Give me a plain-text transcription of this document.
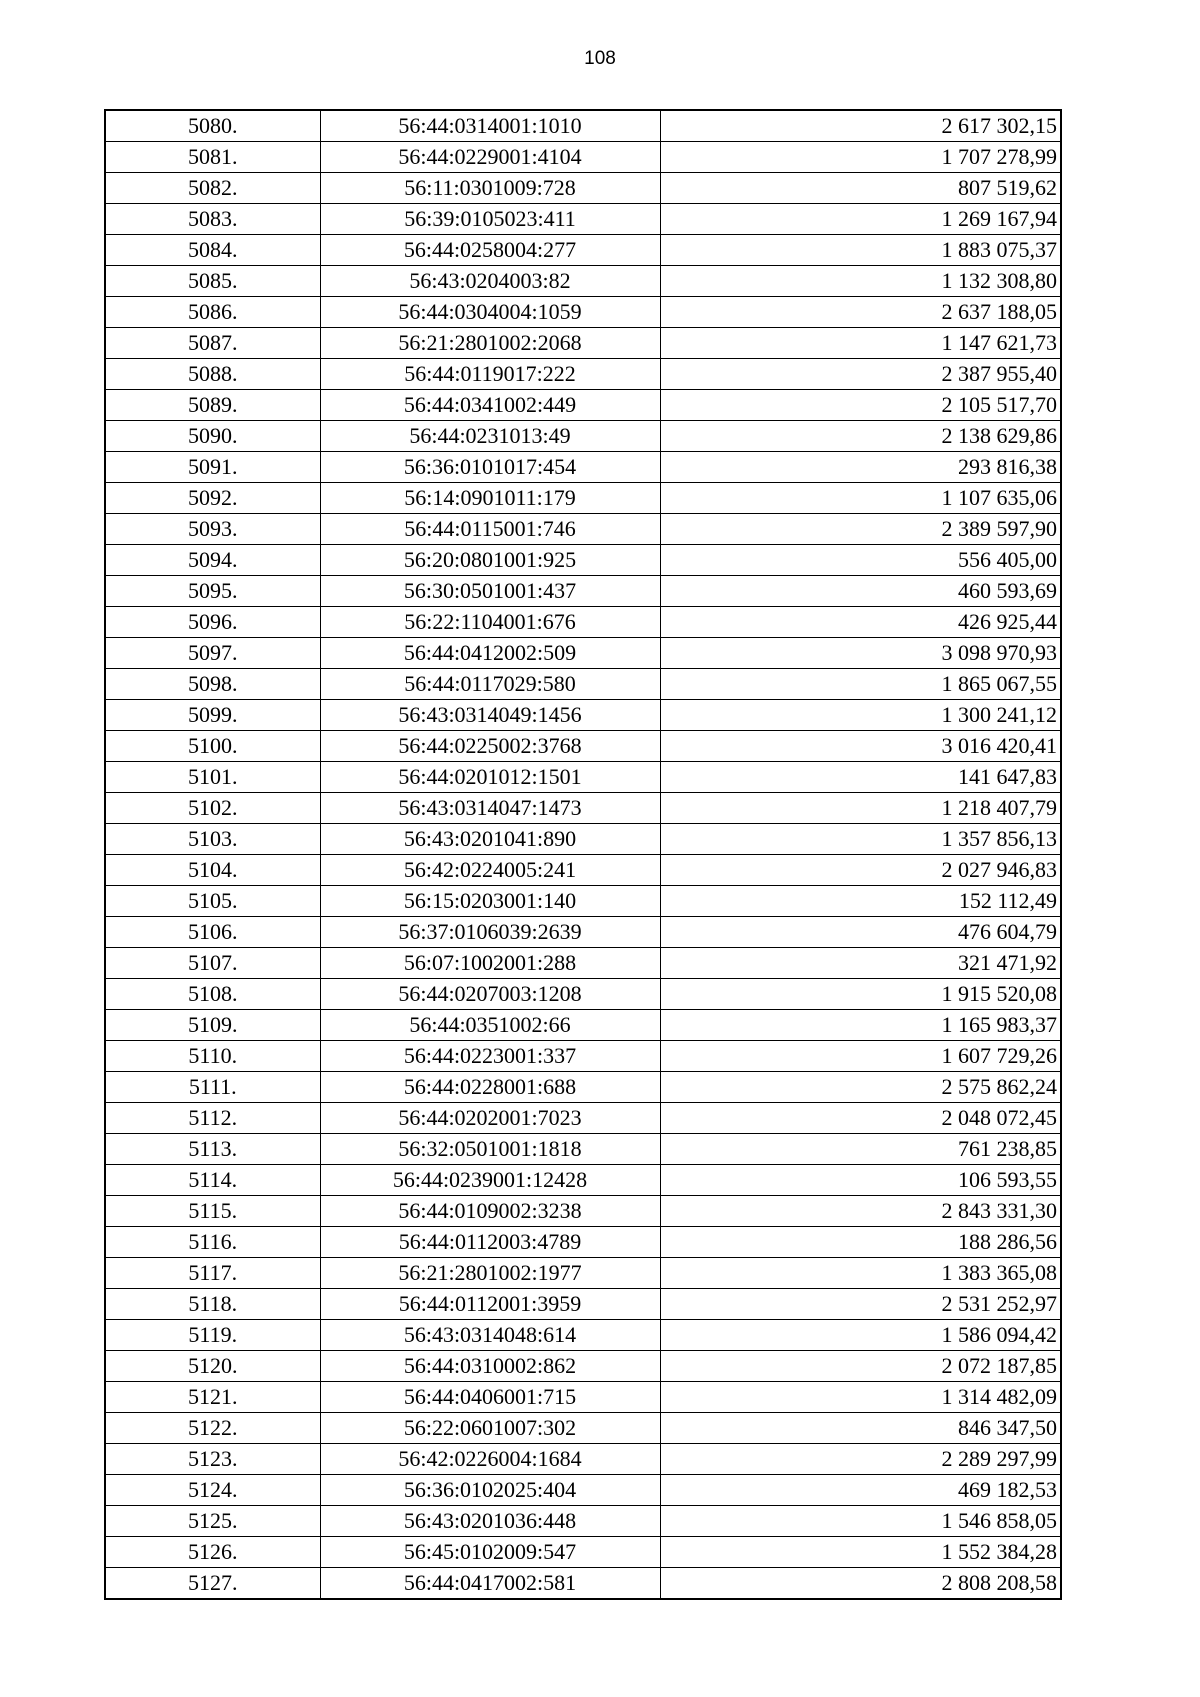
108
5080.	56:44:0314001:1010	2 617 302,15
5081.	56:44:0229001:4104	1 707 278,99
5082.	56:11:0301009:728	807 519,62
5083.	56:39:0105023:411	1 269 167,94
5084.	56:44:0258004:277	1 883 075,37
5085.	56:43:0204003:82	1 132 308,80
5086.	56:44:0304004:1059	2 637 188,05
5087.	56:21:2801002:2068	1 147 621,73
5088.	56:44:0119017:222	2 387 955,40
5089.	56:44:0341002:449	2 105 517,70
5090.	56:44:0231013:49	2 138 629,86
5091.	56:36:0101017:454	293 816,38
5092.	56:14:0901011:179	1 107 635,06
5093.	56:44:0115001:746	2 389 597,90
5094.	56:20:0801001:925	556 405,00
5095.	56:30:0501001:437	460 593,69
5096.	56:22:1104001:676	426 925,44
5097.	56:44:0412002:509	3 098 970,93
5098.	56:44:0117029:580	1 865 067,55
5099.	56:43:0314049:1456	1 300 241,12
5100.	56:44:0225002:3768	3 016 420,41
5101.	56:44:0201012:1501	141 647,83
5102.	56:43:0314047:1473	1 218 407,79
5103.	56:43:0201041:890	1 357 856,13
5104.	56:42:0224005:241	2 027 946,83
5105.	56:15:0203001:140	152 112,49
5106.	56:37:0106039:2639	476 604,79
5107.	56:07:1002001:288	321 471,92
5108.	56:44:0207003:1208	1 915 520,08
5109.	56:44:0351002:66	1 165 983,37
5110.	56:44:0223001:337	1 607 729,26
5111.	56:44:0228001:688	2 575 862,24
5112.	56:44:0202001:7023	2 048 072,45
5113.	56:32:0501001:1818	761 238,85
5114.	56:44:0239001:12428	106 593,55
5115.	56:44:0109002:3238	2 843 331,30
5116.	56:44:0112003:4789	188 286,56
5117.	56:21:2801002:1977	1 383 365,08
5118.	56:44:0112001:3959	2 531 252,97
5119.	56:43:0314048:614	1 586 094,42
5120.	56:44:0310002:862	2 072 187,85
5121.	56:44:0406001:715	1 314 482,09
5122.	56:22:0601007:302	846 347,50
5123.	56:42:0226004:1684	2 289 297,99
5124.	56:36:0102025:404	469 182,53
5125.	56:43:0201036:448	1 546 858,05
5126.	56:45:0102009:547	1 552 384,28
5127.	56:44:0417002:581	2 808 208,58
